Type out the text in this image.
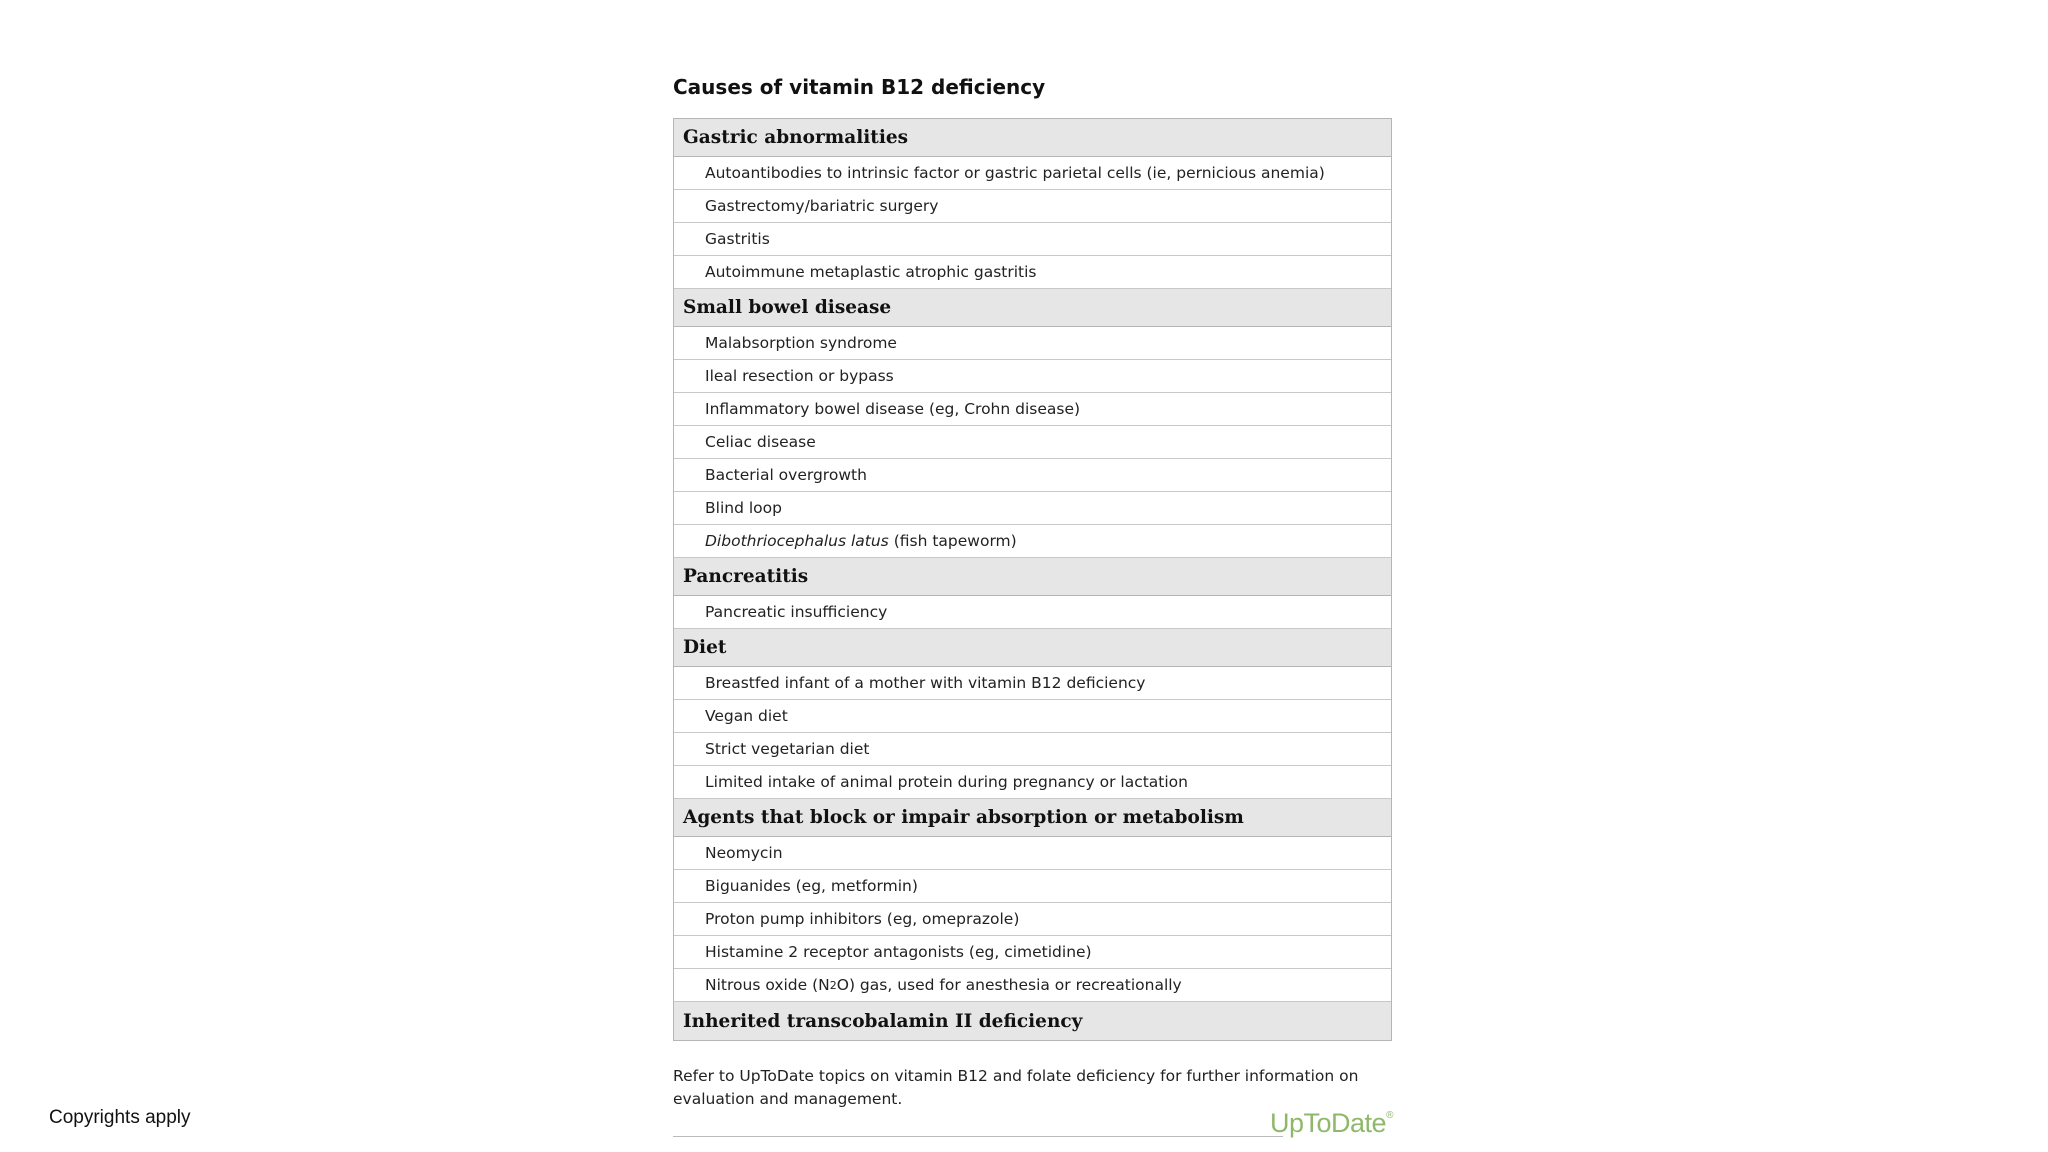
Causes of vitamin B12 deficiency
Gastric abnormalities
Autoantibodies to intrinsic factor or gastric parietal cells (ie, pernicious anemia)
Gastrectomy/bariatric surgery
Gastritis
Autoimmune metaplastic atrophic gastritis
Small bowel disease
Malabsorption syndrome
Ileal resection or bypass
Inflammatory bowel disease (eg, Crohn disease)
Celiac disease
Bacterial overgrowth
Blind loop
Dibothriocephalus latus (fish tapeworm)
Pancreatitis
Pancreatic insufficiency
Diet
Breastfed infant of a mother with vitamin B12 deficiency
Vegan diet
Strict vegetarian diet
Limited intake of animal protein during pregnancy or lactation
Agents that block or impair absorption or metabolism
Neomycin
Biguanides (eg, metformin)
Proton pump inhibitors (eg, omeprazole)
Histamine 2 receptor antagonists (eg, cimetidine)
Nitrous oxide (N 2 O) gas, used for anesthesia or recreationally
Inherited transcobalamin II deficiency

Refer to UpToDate topics on vitamin B12 and folate deficiency for further information on evaluation and management.

UpToDate®
Copyrights apply
